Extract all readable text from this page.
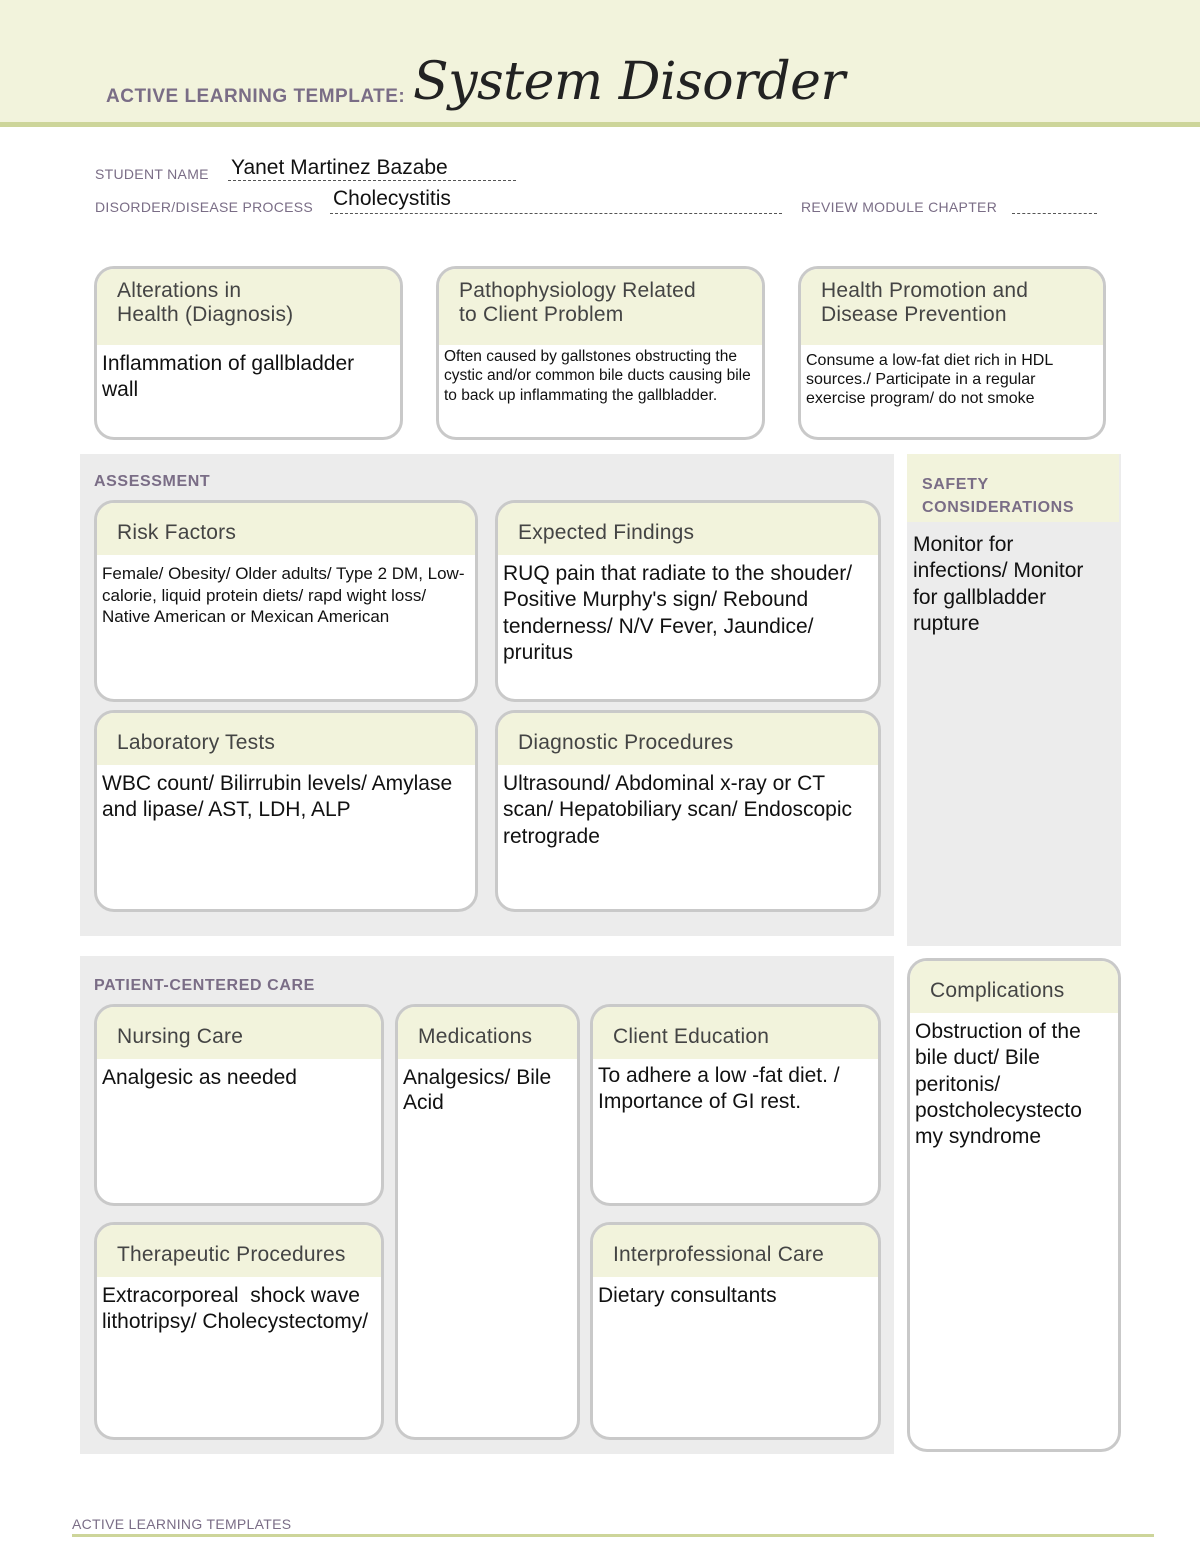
ACTIVE LEARNING TEMPLATE: System Disorder
STUDENT NAME Yanet Martinez Bazabe
DISORDER/DISEASE PROCESS Cholecystitis	REVIEW MODULE CHAPTER
Alterations in
Health (Diagnosis)
Inflammation of gallbladder wall
Pathophysiology Related
to Client Problem
Often caused by gallstones obstructing the cystic and/or common bile ducts causing bile to back up inflammating the gallbladder.
Health Promotion and
Disease Prevention
Consume a low-fat diet rich in HDL sources./ Participate in a regular exercise program/ do not smoke
ASSESSMENT
Risk Factors
Female/ Obesity/ Older adults/ Type 2 DM, Low-calorie, liquid protein diets/ rapd wight loss/ Native American or Mexican American
Expected Findings
RUQ pain that radiate to the shouder/ Positive Murphy's sign/ Rebound tenderness/ N/V Fever, Jaundice/ pruritus
Laboratory Tests
WBC count/ Bilirrubin levels/ Amylase and lipase/ AST, LDH, ALP
Diagnostic Procedures
Ultrasound/ Abdominal x-ray or CT scan/ Hepatobiliary scan/ Endoscopic retrograde
SAFETY
CONSIDERATIONS
Monitor for infections/ Monitor for gallbladder rupture
PATIENT-CENTERED CARE
Nursing Care
Analgesic as needed
Medications
Analgesics/ Bile Acid
Client Education
To adhere a low -fat diet. / Importance of GI rest.
Therapeutic Procedures
Extracorporeal  shock wave lithotripsy/ Cholecystectomy/
Interprofessional Care
Dietary consultants
Complications
Obstruction of the bile duct/ Bile peritonis/ postcholecystecto my syndrome
ACTIVE LEARNING TEMPLATES
